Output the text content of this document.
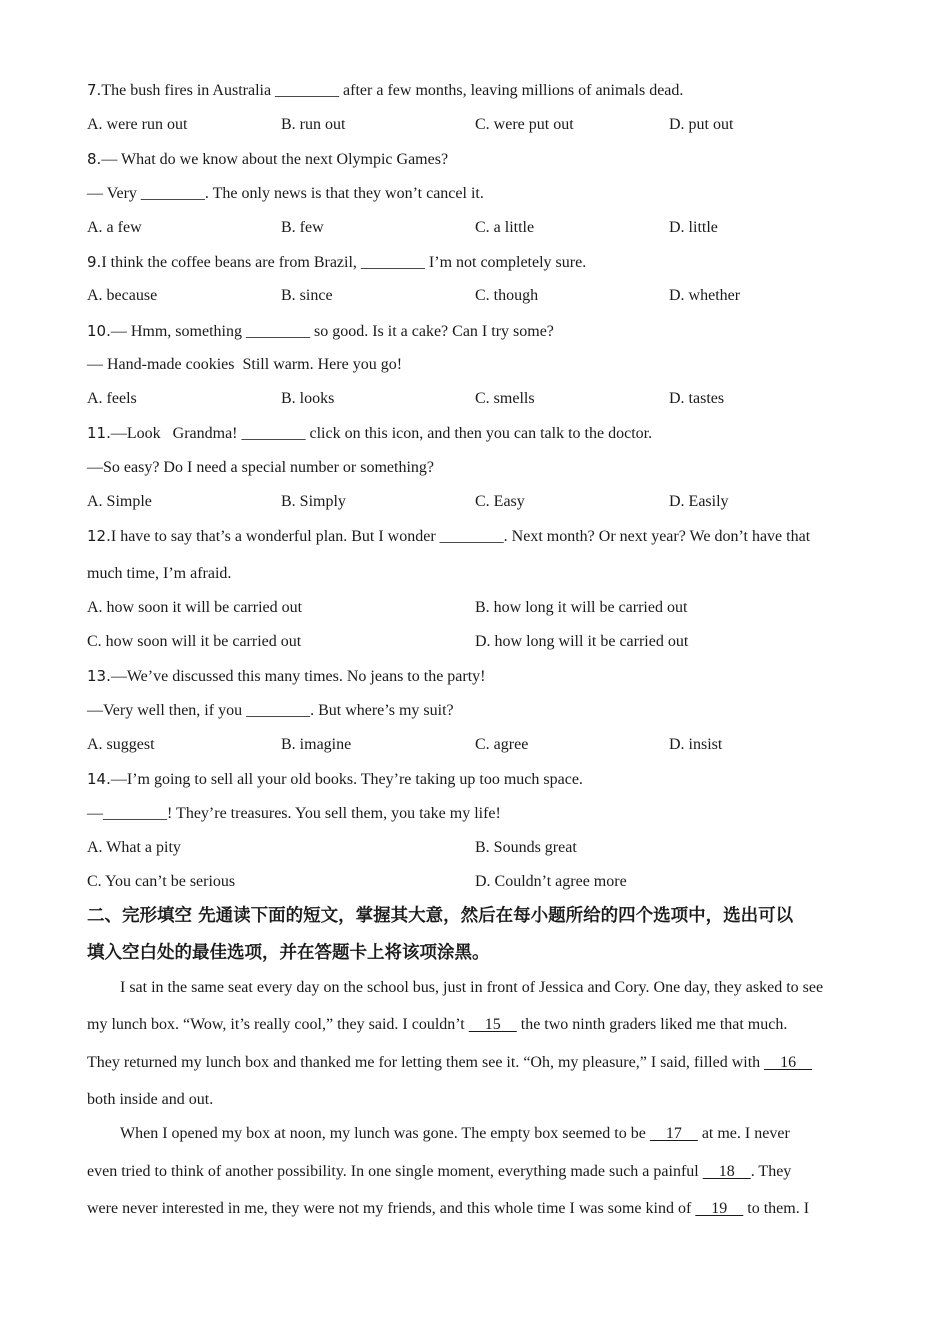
7.The bush fires in Australia ________ after a few months, leaving millions of animals dead.
A. were run out	B. run out	C. were put out	D. put out
8.— What do we know about the next Olympic Games?
— Very ________. The only news is that they won’t cancel it.
A. a few	B. few	C. a little	D. little
9.I think the coffee beans are from Brazil, ________ I’m not completely sure.
A. because	B. since	C. though	D. whether
10.— Hmm, something ________ so good. Is it a cake? Can I try some?
— Hand-made cookies  Still warm. Here you go!
A. feels	B. looks	C. smells	D. tastes
11.—Look   Grandma! ________ click on this icon, and then you can talk to the doctor.
—So easy? Do I need a special number or something?
A. Simple	B. Simply	C. Easy	D. Easily
12.I have to say that’s a wonderful plan. But I wonder ________. Next month? Or next year? We don’t have that
much time, I’m afraid.
A. how soon it will be carried out	B. how long it will be carried out
C. how soon will it be carried out	D. how long will it be carried out
13.—We’ve discussed this many times. No jeans to the party!
—Very well then, if you ________. But where’s my suit?
A. suggest	B. imagine	C. agree	D. insist
14.—I’m going to sell all your old books. They’re taking up too much space.
—________! They’re treasures. You sell them, you take my life!
A. What a pity	B. Sounds great
C. You can’t be serious	D. Couldn’t agree more
二、完形填空 先通读下面的短文，掌握其大意，然后在每小题所给的四个选项中，选出可以
填入空白处的最佳选项，并在答题卡上将该项涂黑。
I sat in the same seat every day on the school bus, just in front of Jessica and Cory. One day, they asked to see
my lunch box. “Wow, it’s really cool,” they said. I couldn’t     15     the two ninth graders liked me that much.
They returned my lunch box and thanked me for letting them see it. “Oh, my pleasure,” I said, filled with     16
both inside and out.
When I opened my box at noon, my lunch was gone. The empty box seemed to be     17     at me. I never
even tried to think of another possibility. In one single moment, everything made such a painful     18    . They
were never interested in me, they were not my friends, and this whole time I was some kind of     19     to them. I
